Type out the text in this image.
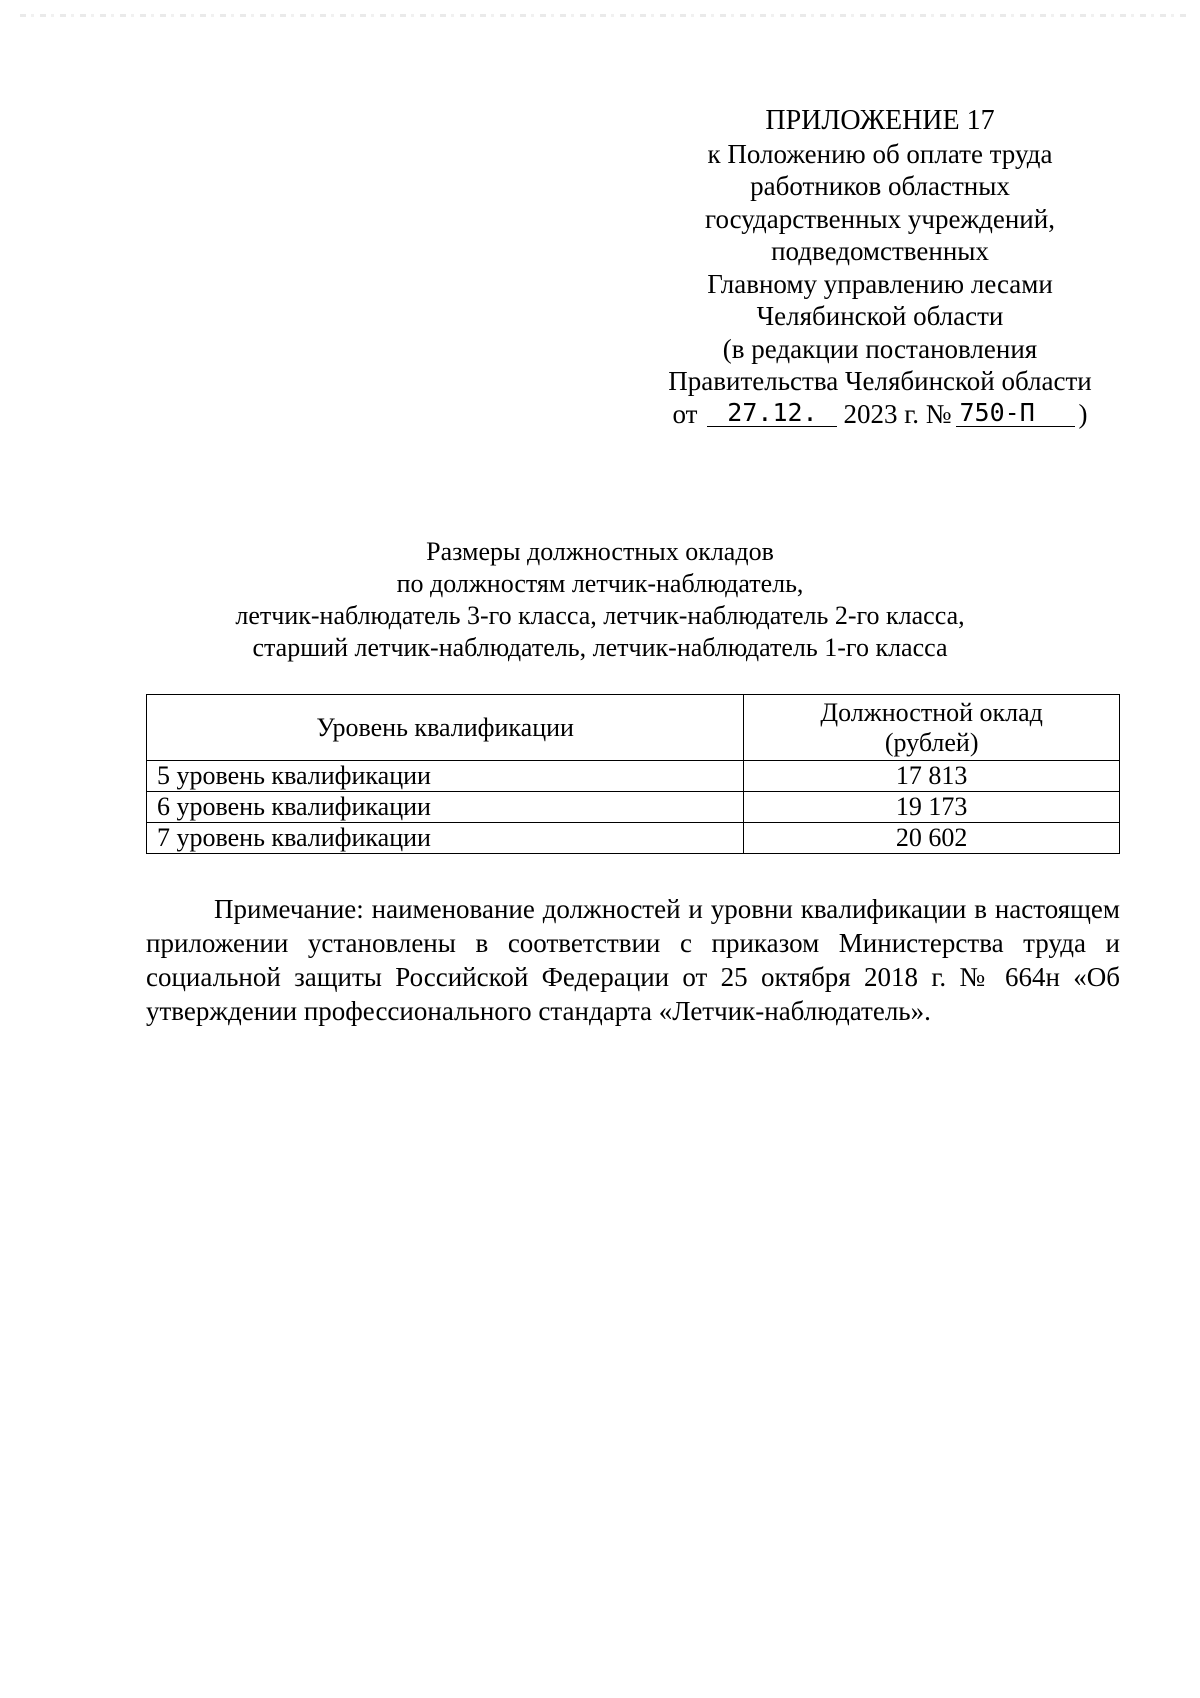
ПРИЛОЖЕНИЕ 17
к Положению об оплате труда
работников областных
государственных учреждений,
подведомственных
Главному управлению лесами
Челябинской области
(в редакции постановления
Правительства Челябинской области
от	27.12. 2023 г. № 750-П	)
Размеры должностных окладов
по должностям летчик-наблюдатель,
летчик-наблюдатель 3-го класса, летчик-наблюдатель 2-го класса,
старший летчик-наблюдатель, летчик-наблюдатель 1-го класса
Уровень квалификации	Должностной оклад
(рублей)
5 уровень квалификации	17 813
6 уровень квалификации	19 173
7 уровень квалификации	20 602

Примечание: наименование должностей и уровни квалификации в настоящем приложении установлены в соответствии с приказом Министерства труда и социальной защиты Российской Федерации от 25 октября 2018 г. № 664н «Об утверждении профессионального стандарта «Летчик-наблюдатель».
